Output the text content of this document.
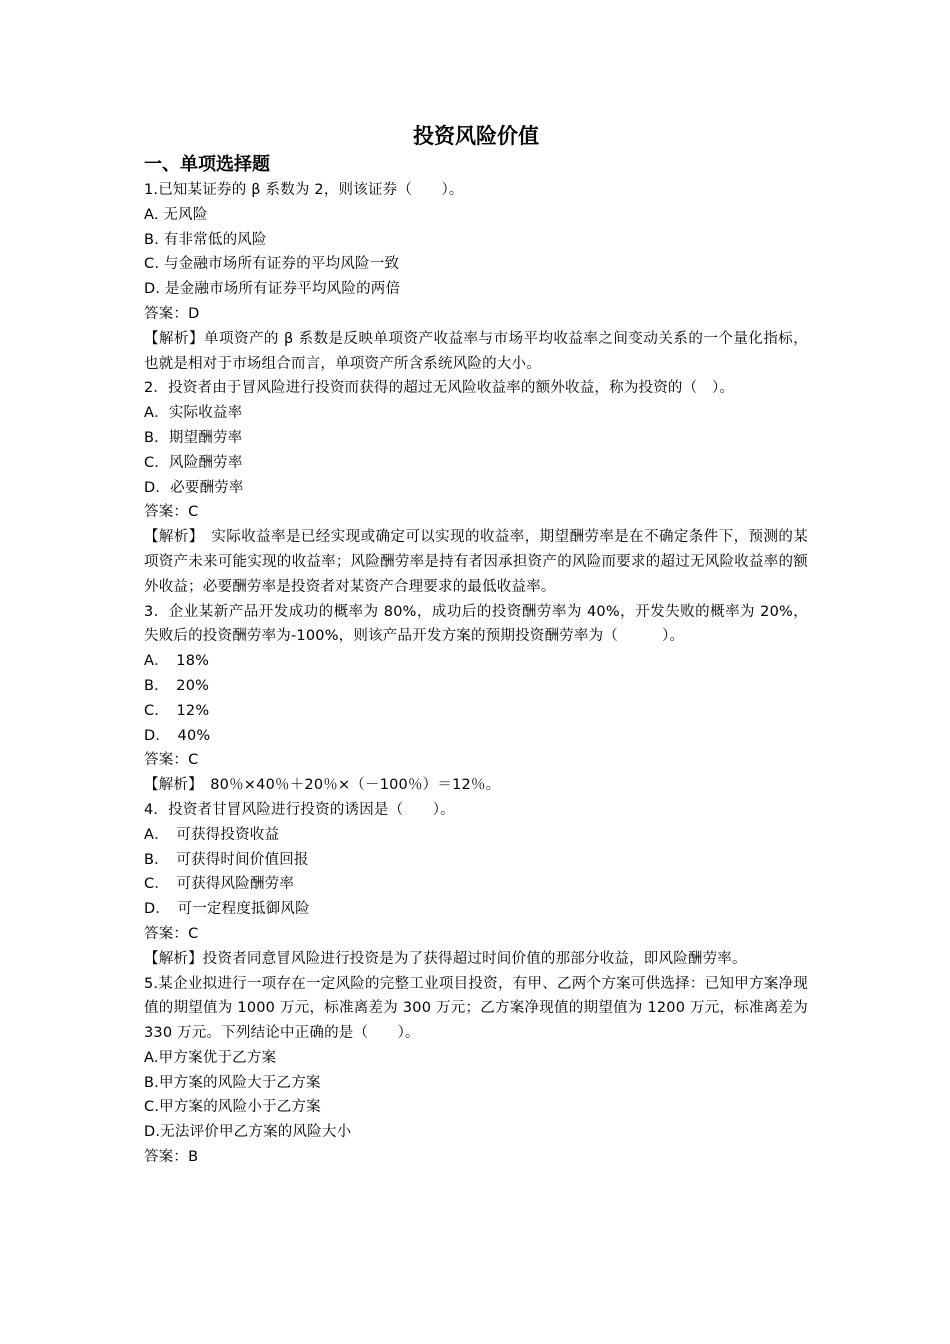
投资风险价值
一、单项选择题

1.已知某证券的 β 系数为 2，则该证券（　　）。

A. 无风险

B. 有非常低的风险

C. 与金融市场所有证券的平均风险一致

D. 是金融市场所有证券平均风险的两倍

答案：D

【解析】单项资产的 β 系数是反映单项资产收益率与市场平均收益率之间变动关系的一个量化指标，也就是相对于市场组合而言，单项资产所含系统风险的大小。

2．投资者由于冒风险进行投资而获得的超过无风险收益率的额外收益，称为投资的（　）。

A．实际收益率

B．期望酬劳率

C．风险酬劳率

D．必要酬劳率

答案：C

【解析】　实际收益率是已经实现或确定可以实现的收益率，期望酬劳率是在不确定条件下，预测的某项资产未来可能实现的收益率；风险酬劳率是持有者因承担资产的风险而要求的超过无风险收益率的额外收益；必要酬劳率是投资者对某资产合理要求的最低收益率。

3．企业某新产品开发成功的概率为 80%，成功后的投资酬劳率为 40%，开发失败的概率为 20%，失败后的投资酬劳率为-100%，则该产品开发方案的预期投资酬劳率为（　　　）。

A．　18%

B．　20%

C．　12%

D．　40%

答案：C

【解析】　80％×40％＋20％×（－100％）＝12％。

4．投资者甘冒风险进行投资的诱因是（　　）。

A．　可获得投资收益

B．　可获得时间价值回报

C．　可获得风险酬劳率

D．　可一定程度抵御风险

答案：C

【解析】投资者同意冒风险进行投资是为了获得超过时间价值的那部分收益，即风险酬劳率。

5.某企业拟进行一项存在一定风险的完整工业项目投资，有甲、乙两个方案可供选择：已知甲方案净现值的期望值为 1000 万元，标准离差为 300 万元；乙方案净现值的期望值为 1200 万元，标准离差为 330 万元。下列结论中正确的是（　　）。

A.甲方案优于乙方案

B.甲方案的风险大于乙方案

C.甲方案的风险小于乙方案

D.无法评价甲乙方案的风险大小

答案：B
